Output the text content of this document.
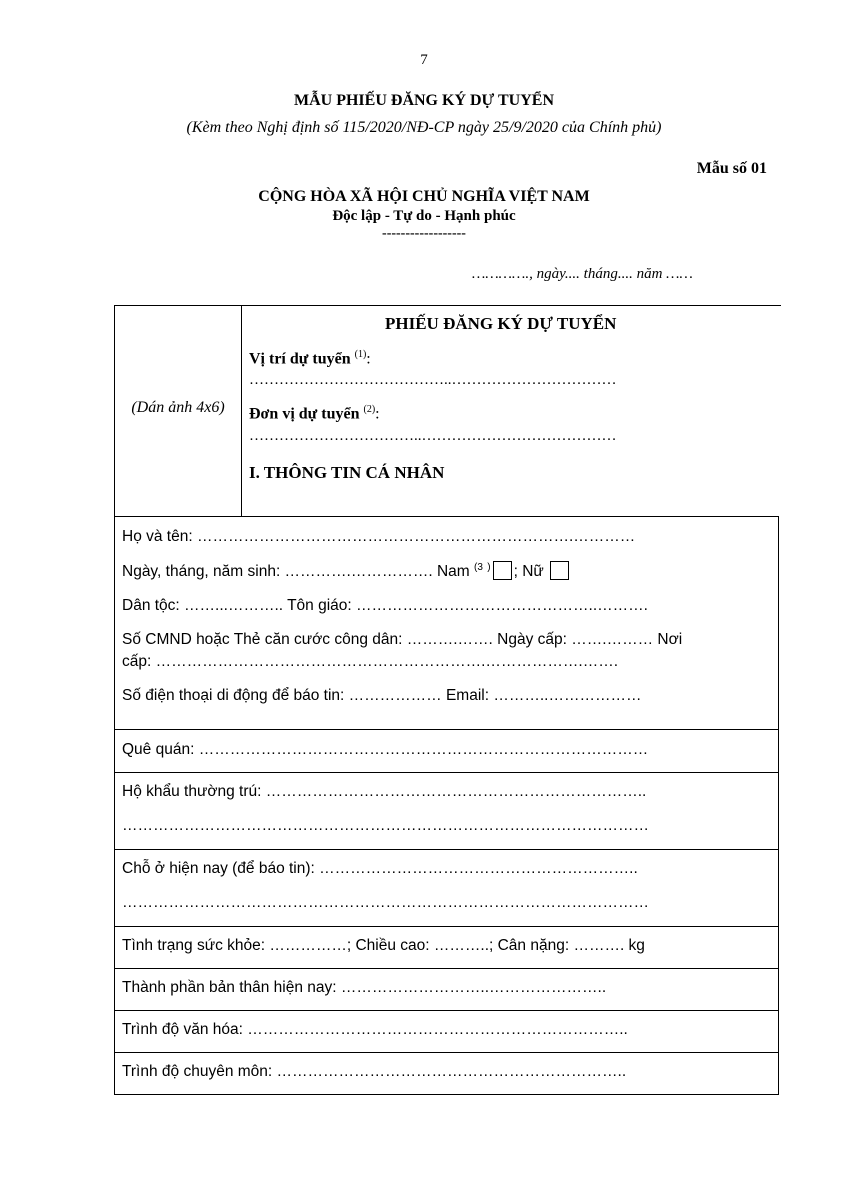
7
MẪU PHIẾU ĐĂNG KÝ DỰ TUYỂN
(Kèm theo Nghị định số 115/2020/NĐ-CP ngày 25/9/2020 của Chính phủ)
Mẫu số 01
CỘNG HÒA XÃ HỘI CHỦ NGHĨA VIỆT NAM
Độc lập - Tự do - Hạnh phúc
------------------
…………., ngày.... tháng.... năm ……
(Dán ảnh 4x6)
PHIẾU ĐĂNG KÝ DỰ TUYỂN
Vị trí dự tuyển $^{(1)}$:
…………………………………..……………………………
Đơn vị dự tuyển $^{(2)}$:
……………………………..…………………………………
I. THÔNG TIN CÁ NHÂN
Họ và tên: ……………………………………………………………….…………
Ngày, tháng, năm sinh: ………….……………. Nam $^{(3}$ ) ; Nữ
Dân tộc: ……...……….. Tôn giáo: ………………………………………..……….
Số CMND hoặc Thẻ căn cước công dân: ……….……. Ngày cấp: …….……… Nơi
cấp: ……………………………………………………….……………….…….
Số điện thoại di động để báo tin: ……………… Email: ………..………………
Quê quán: ……………………………………………………………………………
Hộ khẩu thường trú: ………………………………………………………………..
…………………………………………………………………………………………
Chỗ ở hiện nay (để báo tin): ……………………………………………………..
…………………………………………………………………………………………
Tình trạng sức khỏe: ……………; Chiều cao: ………..; Cân nặng: ………. kg
Thành phần bản thân hiện nay: ………………………..…………………..
Trình độ văn hóa: ………………………………………………………………..
Trình độ chuyên môn: …………………………………………………………..
